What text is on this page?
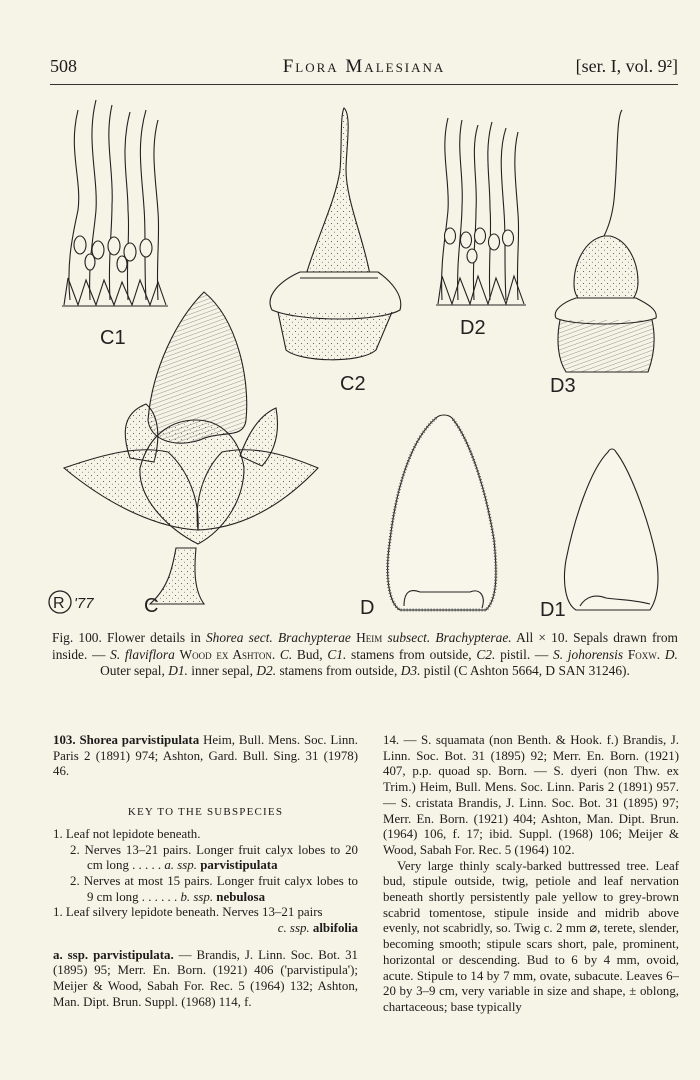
508	Flora Malesiana	[ser. I, vol. 9²]
C1
C2
C
D2
D3
D	D1
R '77
Fig. 100. Flower details in Shorea sect. Brachypterae Heim subsect. Brachypterae. All × 10. Sepals drawn from inside. — S. flaviflora Wood ex Ashton. C. Bud, C1. stamens from outside, C2. pistil. — S. johorensis Foxw. D. Outer sepal, D1. inner sepal, D2. stamens from outside, D3. pistil (C Ashton 5664, D SAN 31246).

103. Shorea parvistipulata Heim, Bull. Mens. Soc. Linn. Paris 2 (1891) 974; Ashton, Gard. Bull. Sing. 31 (1978) 46.

KEY TO THE SUBSPECIES

1. Leaf not lepidote beneath.

2. Nerves 13–21 pairs. Longer fruit calyx lobes to 20 cm long . . . . . a. ssp. parvistipulata

2. Nerves at most 15 pairs. Longer fruit calyx lobes to 9 cm long . . . . . . b. ssp. nebulosa

1. Leaf silvery lepidote beneath. Nerves 13–21 pairs
c. ssp. albifolia

a. ssp. parvistipulata. — Brandis, J. Linn. Soc. Bot. 31 (1895) 95; Merr. En. Born. (1921) 406 ('parvistipula'); Meijer & Wood, Sabah For. Rec. 5 (1964) 132; Ashton, Man. Dipt. Brun. Suppl. (1968) 114, f.

14. — S. squamata (non Benth. & Hook. f.) Brandis, J. Linn. Soc. Bot. 31 (1895) 92; Merr. En. Born. (1921) 407, p.p. quoad sp. Born. — S. dyeri (non Thw. ex Trim.) Heim, Bull. Mens. Soc. Linn. Paris 2 (1891) 957. — S. cristata Brandis, J. Linn. Soc. Bot. 31 (1895) 97; Merr. En. Born. (1921) 404; Ashton, Man. Dipt. Brun. (1964) 106, f. 17; ibid. Suppl. (1968) 106; Meijer & Wood, Sabah For. Rec. 5 (1964) 102.

Very large thinly scaly-barked buttressed tree. Leaf bud, stipule outside, twig, petiole and leaf nervation beneath shortly persistently pale yellow to grey-brown scabrid tomentose, stipule inside and midrib above evenly, not scabridly, so. Twig c. 2 mm ⌀, terete, slender, becoming smooth; stipule scars short, pale, prominent, horizontal or descending. Bud to 6 by 4 mm, ovoid, acute. Stipule to 14 by 7 mm, ovate, subacute. Leaves 6–20 by 3–9 cm, very variable in size and shape, ± oblong, chartaceous; base typically
